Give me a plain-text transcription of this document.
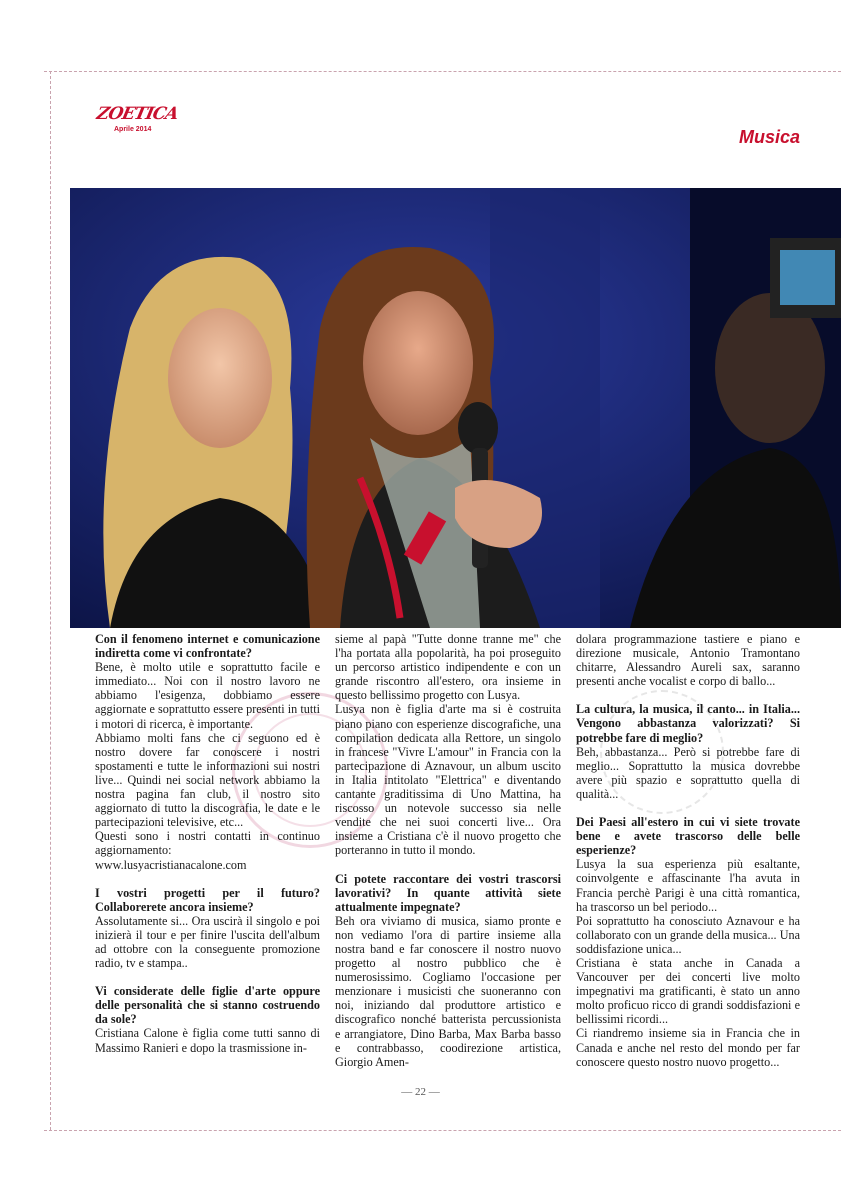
ZOETICA
Aprile 2014	Musica

Con il fenomeno internet e comunicazione indiretta come vi confrontate?
Bene, è molto utile e soprattutto facile e immediato... Noi con il nostro lavoro ne abbiamo l'esigenza, dobbiamo essere aggiornate e soprattutto essere presenti in tutti i motori di ricerca, è importante.
Abbiamo molti fans che ci seguono ed è nostro dovere far conoscere i nostri spostamenti e tutte le informazioni sui nostri live... Quindi nei social network abbiamo la nostra pagina fan club, il nostro sito aggiornato di tutto la discografia, le date e le partecipazioni televisive, etc...
Questi sono i nostri contatti in continuo aggiornamento:
www.lusyacristianacalone.com

I vostri progetti per il futuro? Collaborerete ancora insieme?
Assolutamente si... Ora uscirà il singolo e poi inizierà il tour e per finire l'uscita dell'album ad ottobre con la conseguente promozione radio, tv e stampa..

Vi considerate delle figlie d'arte oppure delle personalità che si stanno costruendo da sole?
Cristiana Calone è figlia come tutti sanno di Massimo Ranieri e dopo la trasmissione in-

sieme al papà "Tutte donne tranne me" che l'ha portata alla popolarità, ha poi proseguito un percorso artistico indipendente e con un grande riscontro all'estero, ora insieme in questo bellissimo progetto con Lusya.
Lusya non è figlia d'arte ma si è costruita piano piano con esperienze discografiche, una compilation dedicata alla Rettore, un singolo in francese "Vivre L'amour" in Francia con la partecipazione di Aznavour, un album uscito in Italia intitolato "Elettrica" e diventando cantante graditissima di Uno Mattina, ha riscosso un notevole successo sia nelle vendite che nei suoi concerti live... Ora insieme a Cristiana c'è il nuovo progetto che porteranno in tutto il mondo.

Ci potete raccontare dei vostri trascorsi lavorativi? In quante attività siete attualmente impegnate?
Beh ora viviamo di musica, siamo pronte e non vediamo l'ora di partire insieme alla nostra band e far conoscere il nostro nuovo progetto al nostro pubblico che è numerosissimo. Cogliamo l'occasione per menzionare i musicisti che suoneranno con noi, iniziando dal produttore artistico e discografico nonché batterista percussionista e arrangiatore, Dino Barba, Max Barba basso e contrabbasso, coodirezione artistica, Giorgio Amen-

dolara programmazione tastiere e piano e direzione musicale, Antonio Tramontano chitarre, Alessandro Aureli sax, saranno presenti anche vocalist e corpo di ballo...

La cultura, la musica, il canto... in Italia... Vengono abbastanza valorizzati? Si potrebbe fare di meglio?
Beh, abbastanza... Però si potrebbe fare di meglio... Soprattutto la musica dovrebbe avere più spazio e soprattutto quella di qualità...

Dei Paesi all'estero in cui vi siete trovate bene e avete trascorso delle belle esperienze?
Lusya la sua esperienza più esaltante, coinvolgente e affascinante l'ha avuta in Francia perchè Parigi è una città romantica, ha trascorso un bel periodo...
Poi soprattutto ha conosciuto Aznavour e ha collaborato con un grande della musica... Una soddisfazione unica...
Cristiana è stata anche in Canada a Vancouver per dei concerti live molto impegnativi ma gratificanti, è stato un anno molto proficuo ricco di grandi soddisfazioni e bellissimi ricordi...
Ci riandremo insieme sia in Francia che in Canada e anche nel resto del mondo per far conoscere questo nostro nuovo progetto...

— 22 —
